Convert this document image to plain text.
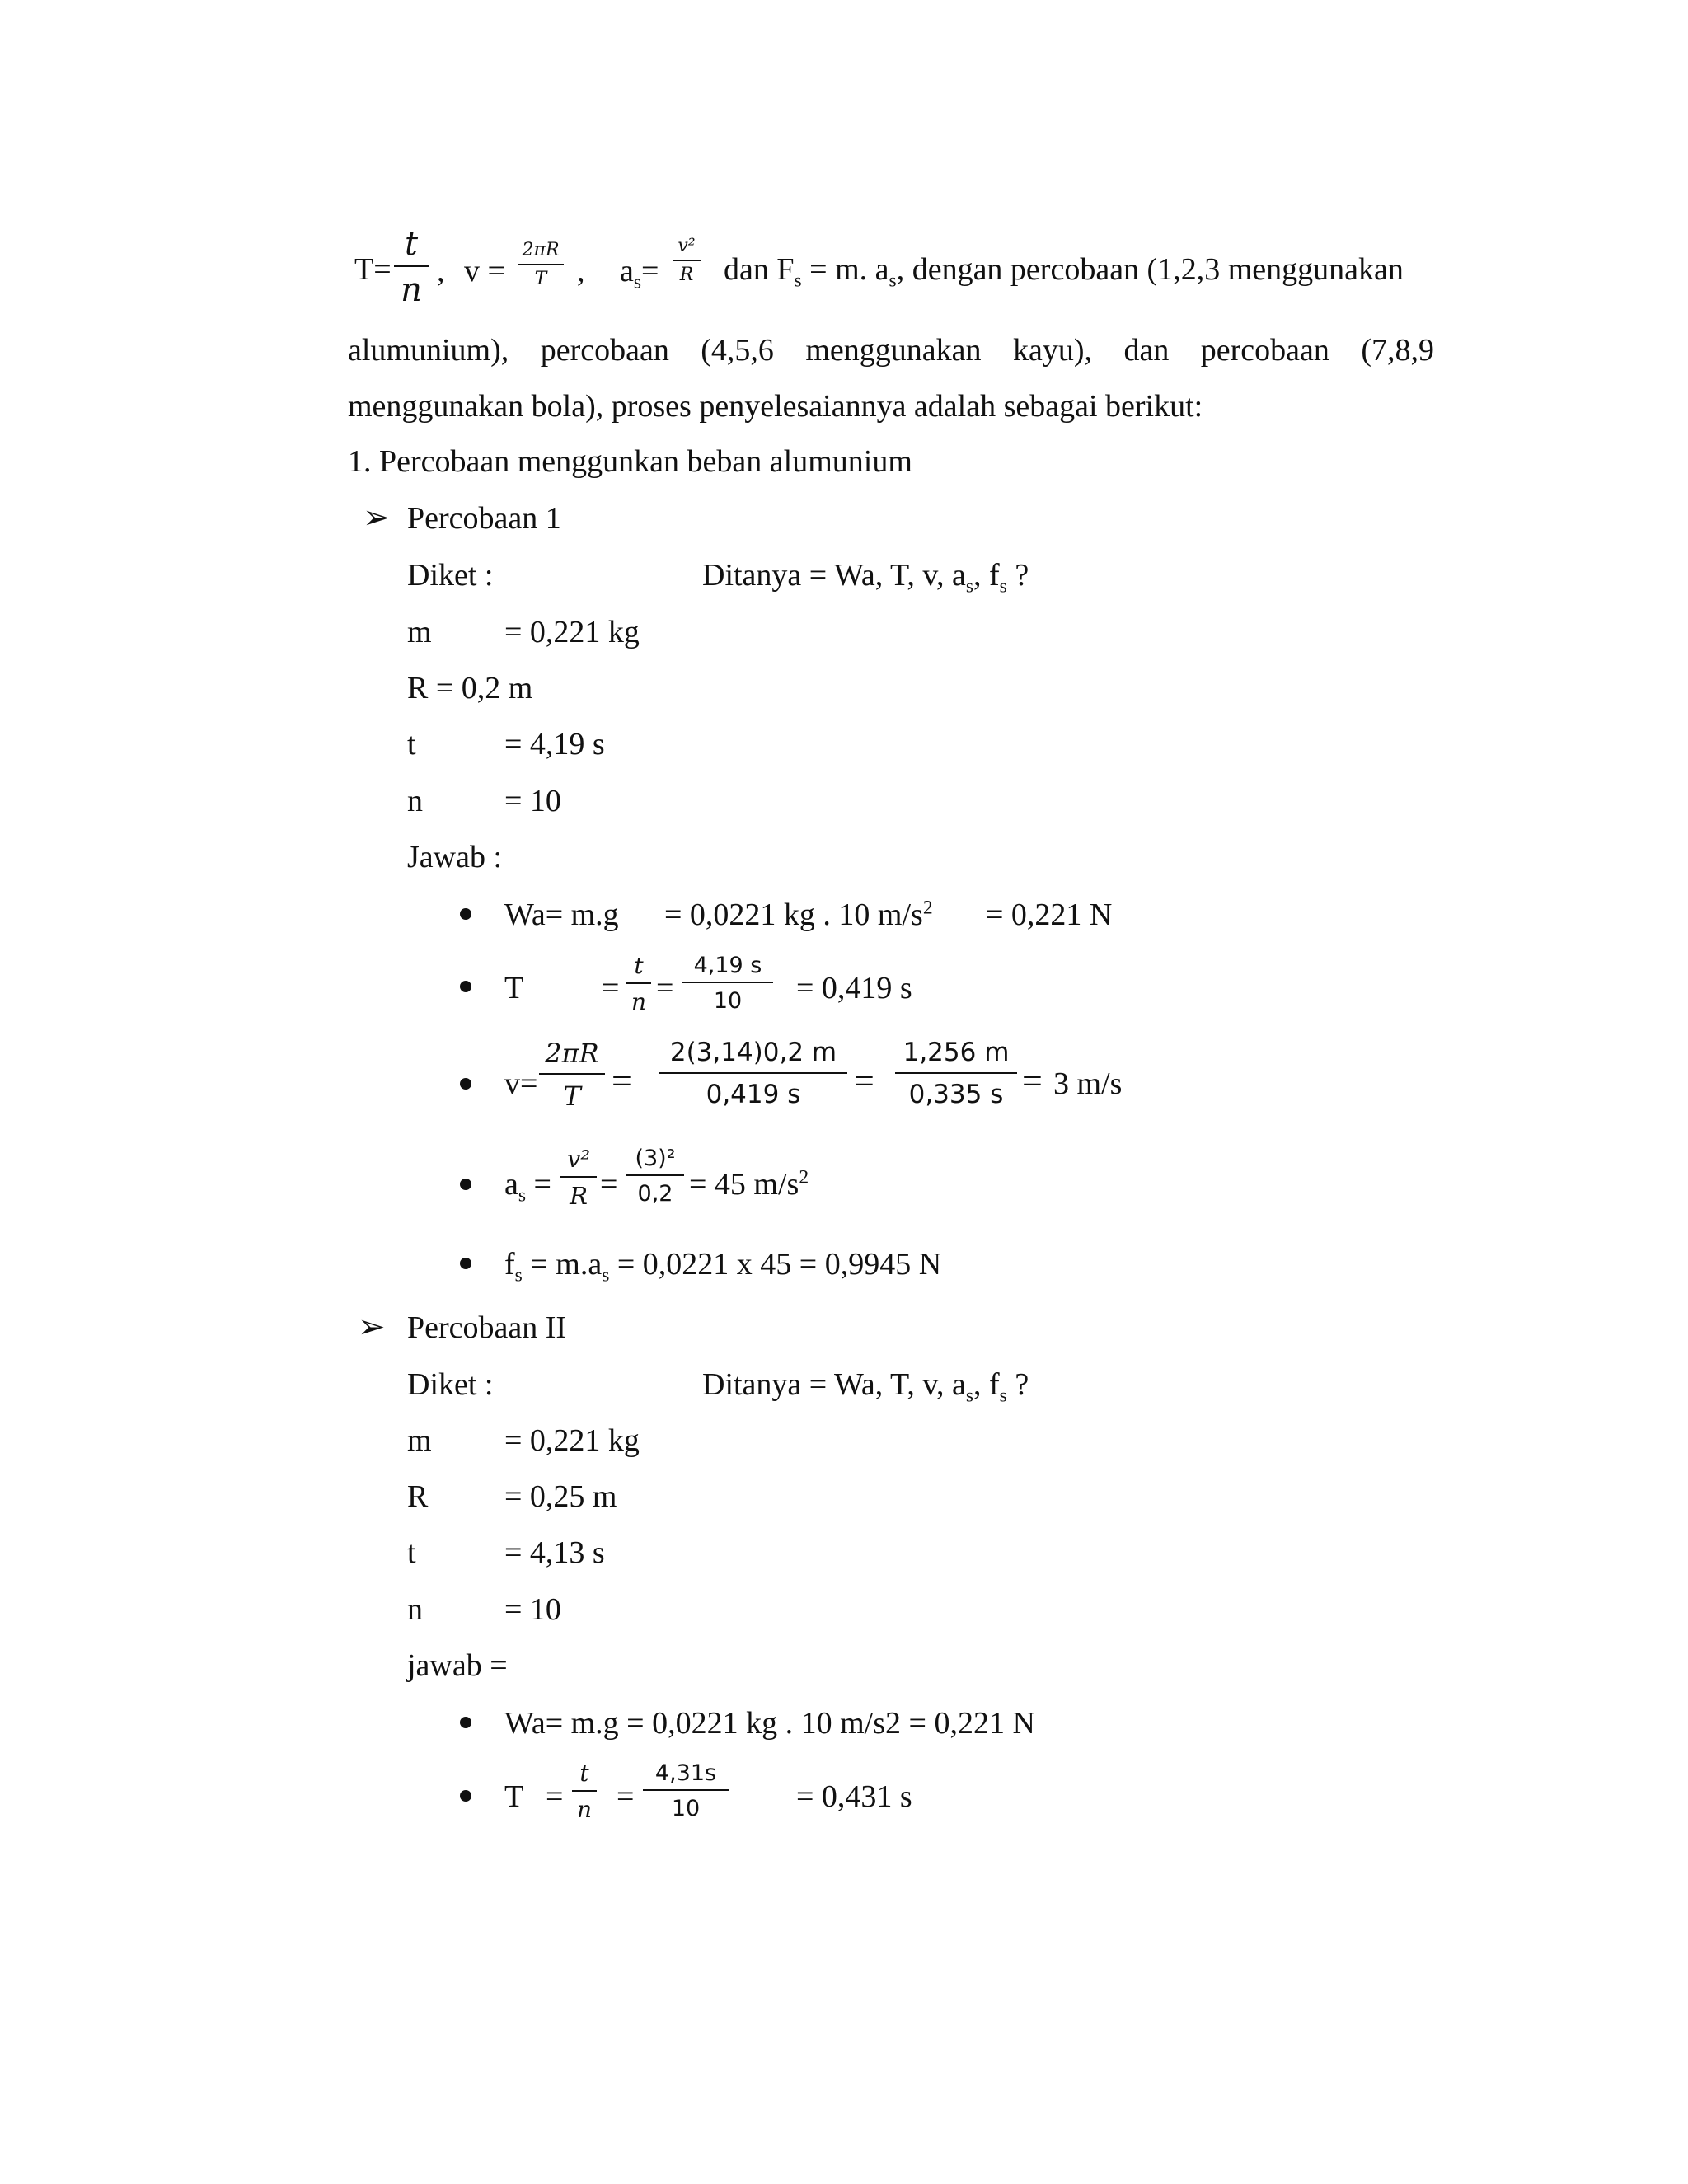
T=
t
n , v =
2πR
T , $a_s=$
v²
R dan $F_s = m$. $a_s$, dengan percobaan (1,2,3 menggunakan
alumunium), percobaan (4,5,6 menggunakan kayu), dan percobaan (7,8,9
menggunakan bola), proses penyelesaiannya adalah sebagai berikut:
1. Percobaan menggunkan beban alumunium
➢ Percobaan 1
Diket :	Ditanya = Wa, T, v, $a_s$, $f_s$ ?
m = 0,221 kg
R = 0,2 m
t	= 4,19 s
n	= 10
Jawab :
Wa= m.g = 0,0221 kg . 10 $m/s^2 = 0,221$ N
T =
t
n =
4,19 s
10	= 0,419 s
v=
2πR
T =
2(3,14)0,2 m
0,419 s	=
1,256 m
0,335 s = 3 m/s
$a_s$ =
v²
R =
(3)²
0,2 = 45 $m/s^2$
$f_s = m.a_s = 0,0221$ x 45 = 0,9945 N
➢ Percobaan II
Diket :	Ditanya = Wa, T, v, $a_s$, $f_s$ ?
m = 0,221 kg
R = 0,25 m
t	= 4,13 s
n	= 10
jawab =
Wa= m.g = 0,0221 kg . 10 m/s2 = 0,221 N
T =
t
n =
4,31s
10	= 0,431 s
